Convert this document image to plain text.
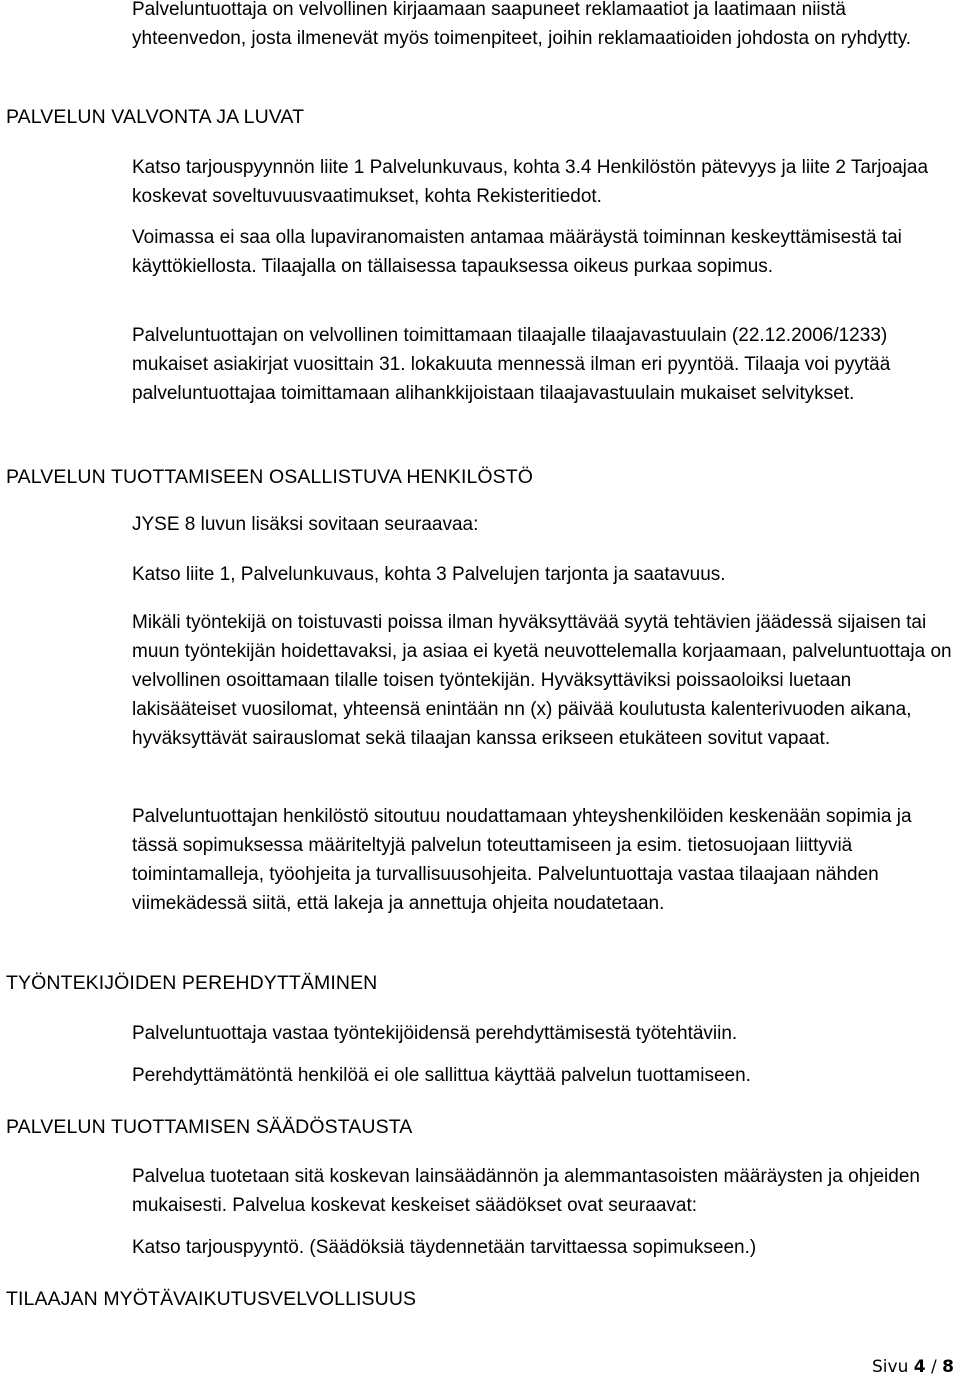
Palveluntuottaja on velvollinen kirjaamaan saapuneet reklamaatiot ja laatimaan niistä yhteenvedon, josta ilmenevät myös toimenpiteet, joihin reklamaatioiden johdosta on ryhdytty.

PALVELUN VALVONTA JA LUVAT

Katso tarjouspyynnön liite 1 Palvelunkuvaus, kohta 3.4 Henkilöstön pätevyys ja liite 2 Tarjoajaa koskevat soveltuvuusvaatimukset, kohta Rekisteritiedot.

Voimassa ei saa olla lupaviranomaisten antamaa määräystä toiminnan keskeyttämisestä tai käyttökiellosta. Tilaajalla on tällaisessa tapauksessa oikeus purkaa sopimus.

Palveluntuottajan on velvollinen toimittamaan tilaajalle tilaajavastuulain (22.12.2006/1233) mukaiset asiakirjat vuosittain 31. lokakuuta mennessä ilman eri pyyntöä. Tilaaja voi pyytää palveluntuottajaa toimittamaan alihankkijoistaan tilaajavastuulain mukaiset selvitykset.

PALVELUN TUOTTAMISEEN OSALLISTUVA HENKILÖSTÖ

JYSE 8 luvun lisäksi sovitaan seuraavaa:

Katso liite 1, Palvelunkuvaus, kohta 3 Palvelujen tarjonta ja saatavuus.

Mikäli työntekijä on toistuvasti poissa ilman hyväksyttävää syytä tehtävien jäädessä sijaisen tai muun työntekijän hoidettavaksi, ja asiaa ei kyetä neuvottelemalla korjaamaan, palveluntuottaja on velvollinen osoittamaan tilalle toisen työntekijän. Hyväksyttäviksi poissaoloiksi luetaan lakisääteiset vuosilomat, yhteensä enintään nn (x) päivää koulutusta kalenterivuoden aikana, hyväksyttävät sairauslomat sekä tilaajan kanssa erikseen etukäteen sovitut vapaat.

Palveluntuottajan henkilöstö sitoutuu noudattamaan yhteyshenkilöiden keskenään sopimia ja tässä sopimuksessa määriteltyjä palvelun toteuttamiseen ja esim. tietosuojaan liittyviä toimintamalleja, työohjeita ja turvallisuusohjeita. Palveluntuottaja vastaa tilaajaan nähden viimekädessä siitä, että lakeja ja annettuja ohjeita noudatetaan.

TYÖNTEKIJÖIDEN PEREHDYTTÄMINEN

Palveluntuottaja vastaa työntekijöidensä perehdyttämisestä työtehtäviin.

Perehdyttämätöntä henkilöä ei ole sallittua käyttää palvelun tuottamiseen.

PALVELUN TUOTTAMISEN SÄÄDÖSTAUSTA

Palvelua tuotetaan sitä koskevan lainsäädännön ja alemmantasoisten määräysten ja ohjeiden mukaisesti. Palvelua koskevat keskeiset säädökset ovat seuraavat:

Katso tarjouspyyntö. (Säädöksiä täydennetään tarvittaessa sopimukseen.)

TILAAJAN MYÖTÄVAIKUTUSVELVOLLISUUS
Sivu 4 / 8
